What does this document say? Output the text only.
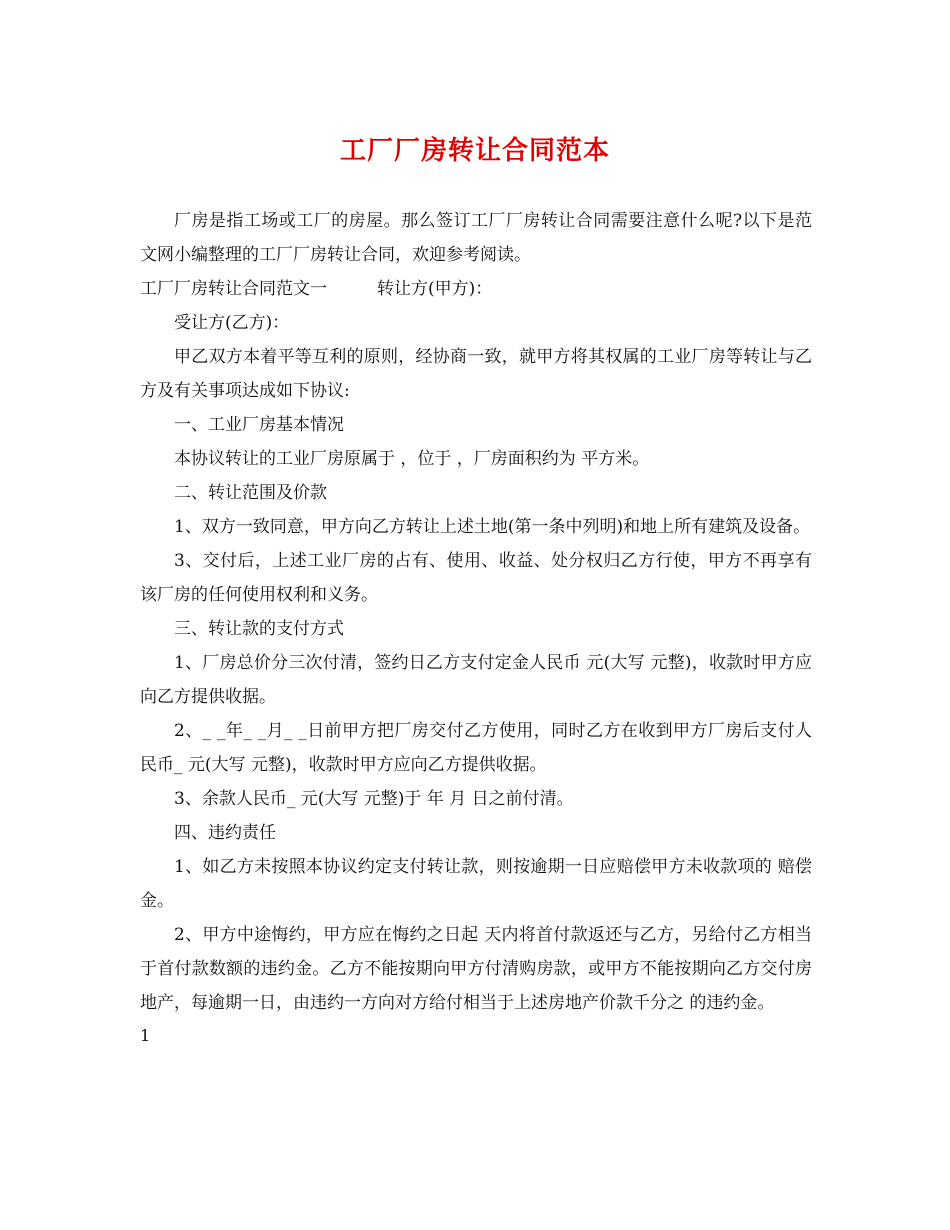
工厂厂房转让合同范本

厂房是指工场或工厂的房屋。那么签订工厂厂房转让合同需要注意什么呢?以下是范文网小编整理的工厂厂房转让合同，欢迎参考阅读。

工厂厂房转让合同范文一	转让方(甲方)：

受让方(乙方)：

甲乙双方本着平等互利的原则，经协商一致，就甲方将其权属的工业厂房等转让与乙方及有关事项达成如下协议:

一、工业厂房基本情况

本协议转让的工业厂房原属于 ，位于 ，厂房面积约为 平方米。

二、转让范围及价款

1、双方一致同意，甲方向乙方转让上述土地(第一条中列明)和地上所有建筑及设备。

3、交付后，上述工业厂房的占有、使用、收益、处分权归乙方行使，甲方不再享有该厂房的任何使用权利和义务。

三、转让款的支付方式

1、厂房总价分三次付清，签约日乙方支付定金人民币 元(大写 元整)，收款时甲方应向乙方提供收据。

2、_ _年_ _月_ _日前甲方把厂房交付乙方使用，同时乙方在收到甲方厂房后支付人民币_ 元(大写 元整)，收款时甲方应向乙方提供收据。

3、余款人民币_ 元(大写 元整)于 年 月 日之前付清。

四、违约责任

1、如乙方未按照本协议约定支付转让款，则按逾期一日应赔偿甲方未收款项的 赔偿金。

2、甲方中途悔约，甲方应在悔约之日起 天内将首付款返还与乙方，另给付乙方相当于首付款数额的违约金。乙方不能按期向甲方付清购房款，或甲方不能按期向乙方交付房地产，每逾期一日，由违约一方向对方给付相当于上述房地产价款千分之 的违约金。

1
